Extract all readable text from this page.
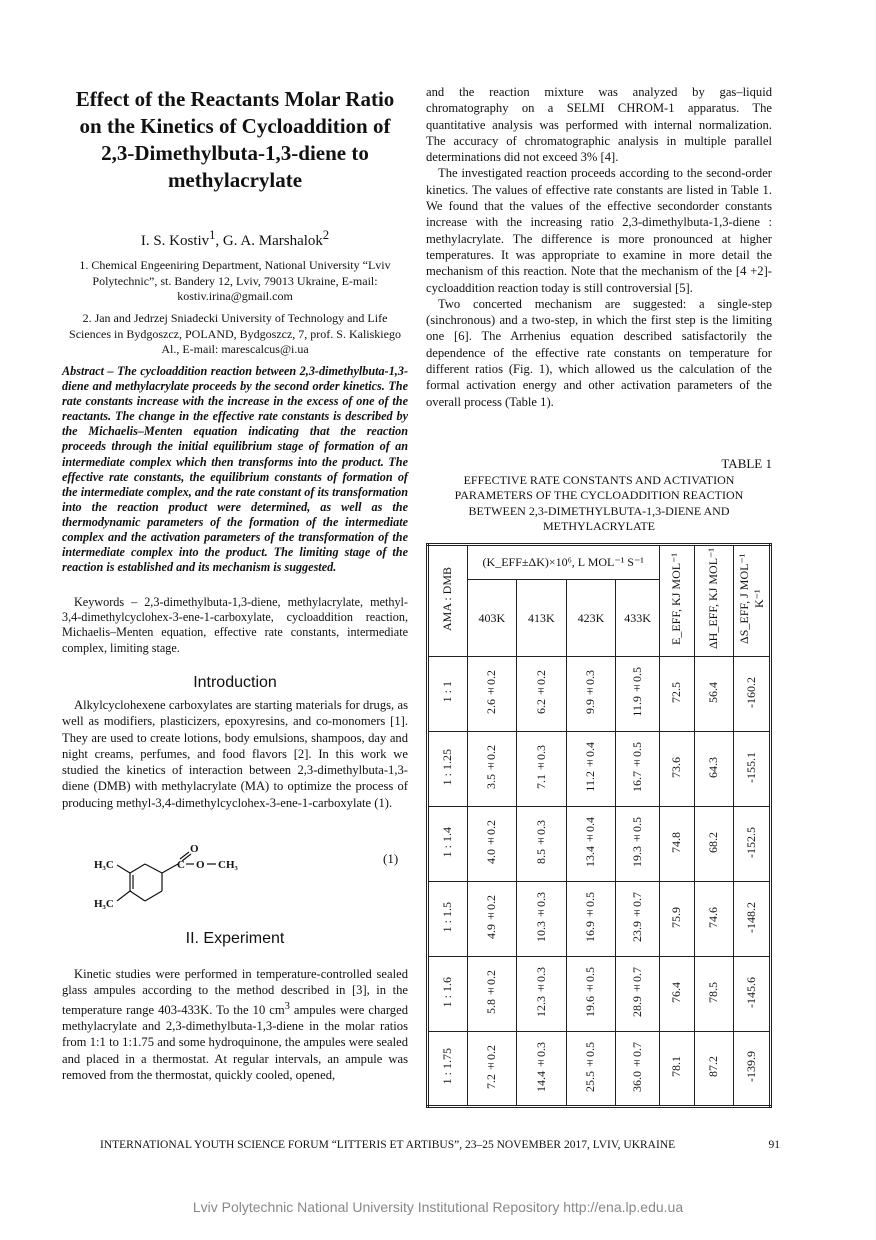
Effect of the Reactants Molar Ratio on the Kinetics of Cycloaddition of 2,3-Dimethylbuta-1,3-diene to methylacrylate
I. S. Kostiv$^1$, G. A. Marshalok$^2$
1. Chemical Engeeniring Department, National University “Lviv Polytechnic”, st. Bandery 12, Lviv, 79013 Ukraine, E-mail: kostiv.irina@gmail.com
2. Jan and Jedrzej Sniadecki University of Technology and Life Sciences in Bydgoszcz, POLAND, Bydgoszcz, 7, prof. S. Kaliskiego Al., E-mail: marescalcus@i.ua
Abstract – The cycloaddition reaction between 2,3-dimethylbuta-1,3-diene and methylacrylate proceeds by the second order kinetics. The rate constants increase with the increase in the excess of one of the reactants. The change in the effective rate constants is described by the Michaelis–Menten equation indicating that the reaction proceeds through the initial equilibrium stage of formation of an intermediate complex which then transforms into the product. The effective rate constants, the equilibrium constants of formation of the intermediate complex, and the rate constant of its transformation into the reaction product were determined, as well as the thermodynamic parameters of the formation of the intermediate complex and the activation parameters of the transformation of the intermediate complex into the product. The limiting stage of the reaction is established and its mechanism is suggested.
Keywords – 2,3-dimethylbuta-1,3-diene, methylacrylate, methyl-3,4-dimethylcyclohex-3-ene-1-carboxylate, cycloaddition reaction, Michaelis–Menten equation, effective rate constants, intermediate complex, limiting stage.
Introduction

Alkylcyclohexene carboxylates are starting materials for drugs, as well as modifiers, plasticizers, epoxyresins, and co-monomers [1]. They are used to create lotions, body emulsions, shampoos, day and night creams, perfumes, and food flavors [2]. In this work we studied the kinetics of interaction between 2,3-dimethylbuta-1,3-diene (DMB) with methylacrylate (MA) to optimize the process of producing methyl-3,4-dimethylcyclohex-3-ene-1-carboxylate (1).

H₃C
H₃C
C
O
O CH₃	(1)
II. Experiment

Kinetic studies were performed in temperature-controlled sealed glass ampules according to the method described in [3], in the temperature range 403-433K. To the 10 $cm^3$ ampules were charged methylacrylate and 2,3-dimethylbuta-1,3-diene in the molar ratios from 1:1 to 1:1.75 and some hydroquinone, the ampules were sealed and placed in a thermostat. At regular intervals, an ampule was removed from the thermostat, quickly cooled, opened,

and the reaction mixture was analyzed by gas–liquid chromatography on a SELMI CHROM-1 apparatus. The quantitative analysis was performed with internal normalization. The accuracy of chromatographic analysis in multiple parallel determinations did not exceed 3% [4].

The investigated reaction proceeds according to the second-order kinetics. The values of effective rate constants are listed in Table 1. We found that the values of the effective secondorder constants increase with the increasing ratio 2,3-dimethylbuta-1,3-diene : methylacrylate. The difference is more pronounced at higher temperatures. It was appropriate to examine in more detail the mechanism of this reaction. Note that the mechanism of the [4 +2]-cycloaddition reaction today is still controversial [5].

Two concerted mechanism are suggested: a single-step (sinchronous) and a two-step, in which the first step is the limiting one [6]. The Arrhenius equation described satisfactorily the dependence of the effective rate constants on temperature for different ratios (Fig. 1), which allowed us the calculation of the formal activation energy and other activation parameters of the overall process (Table 1).

TABLE 1
EFFECTIVE RATE CONSTANTS AND ACTIVATION PARAMETERS OF THE CYCLOADDITION REACTION BETWEEN 2,3-DIMETHYLBUTA-1,3-DIENE AND METHYLACRYLATE
AMA : DMB	(K_EFF±ΔK)×10⁶, L MOL⁻¹ S⁻¹				E_EFF, KJ MOL⁻¹	ΔH_EFF, KJ MOL⁻¹	ΔS_EFF, J MOL⁻¹ K⁻¹
	403K	413K	423K	433K			
1 : 1	2.6±0.2	6.2±0.2	9.9±0.3	11.9±0.5	72.5	56.4	-160.2
1 : 1.25	3.5±0.2	7.1±0.3	11.2±0.4	16.7±0.5	73.6	64.3	-155.1
1 : 1.4	4.0±0.2	8.5±0.3	13.4±0.4	19.3±0.5	74.8	68.2	-152.5
1 : 1.5	4.9±0.2	10.3±0.3	16.9±0.5	23.9±0.7	75.9	74.6	-148.2
1 : 1.6	5.8±0.2	12.3±0.3	19.6±0.5	28.9±0.7	76.4	78.5	-145.6
1 : 1.75	7.2±0.2	14.4±0.3	25.5±0.5	36.0±0.7	78.1	87.2	-139.9
INTERNATIONAL YOUTH SCIENCE FORUM “LITTERIS ET ARTIBUS”, 23–25 NOVEMBER 2017, LVIV, UKRAINE	91
Lviv Polytechnic National University Institutional Repository http://ena.lp.edu.ua
